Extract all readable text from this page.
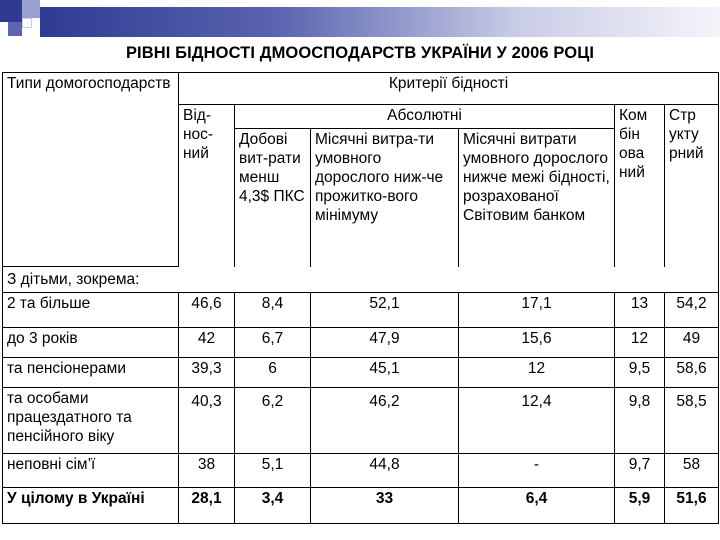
РІВНІ БІДНОСТІ ДМООСПОДАРСТВ УКРАЇНИ У 2006 РОЦІ
Типи домогосподарств	Критерії бідності					
	Від-нос-ний	Абсолютні			Ком бін ова ний	Стр укту рний
		Добові вит-рати менш 4,3$ ПКС	Місячні витра-ти умовного дорослого ниж-че прожитко-вого мінімуму	Місячні витрати умовного дорослого нижче межі бідності, розрахованої Світовим банком		
З дітьми, зокрема:						
2 та більше	46,6	8,4	52,1	17,1	13	54,2
до 3 років	42	6,7	47,9	15,6	12	49
та пенсіонерами	39,3	6	45,1	12	9,5	58,6
та особами працездатного та пенсійного віку	40,3	6,2	46,2	12,4	9,8	58,5
неповні сім’ї	38	5,1	44,8	-	9,7	58
У цілому в Україні	28,1	3,4	33	6,4	5,9	51,6
